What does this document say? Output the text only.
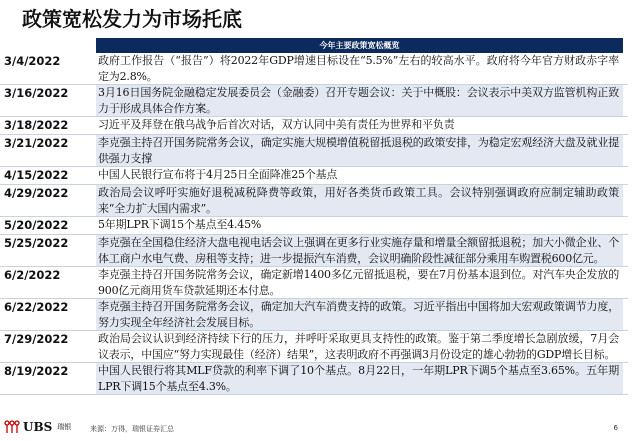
政策宽松发力为市场托底
今年主要政策宽松概览
3/4/2022	政府工作报告（“报告”）将2022年GDP增速目标设在“5.5%”左右的较高水平。政府将今年官方财政赤字率定为2.8%。
3/16/2022	3月16日国务院金融稳定发展委员会（金融委）召开专题会议：关于中概股：会议表示中美双方监管机构正致力于形成具体合作方案。
3/18/2022	习近平及拜登在俄乌战争后首次对话，双方认同中美有责任为世界和平负责
3/21/2022	李克强主持召开国务院常务会议，确定实施大规模增值税留抵退税的政策安排，为稳定宏观经济大盘及就业提供强力支撑
4/15/2022	中国人民银行宣布将于4月25日全面降准25个基点
4/29/2022	政治局会议呼吁实施好退税减税降费等政策，用好各类货币政策工具。会议特别强调政府应制定辅助政策来“全力扩大国内需求”。
5/20/2022	5年期LPR下调15个基点至4.45%
5/25/2022	李克强在全国稳住经济大盘电视电话会议上强调在更多行业实施存量和增量全额留抵退税；加大小微企业、个体工商户水电气费、房租等支持；进一步提振汽车消费，会议明确阶段性减征部分乘用车购置税600亿元。
6/2/2022	李克强主持召开国务院常务会议，确定新增1400多亿元留抵退税，要在7月份基本退到位。对汽车央企发放的900亿元商用货车贷款延期还本付息。
6/22/2022	李克强主持召开国务院常务会议，确定加大汽车消费支持的政策。习近平指出中国将加大宏观政策调节力度，努力实现全年经济社会发展目标。
7/29/2022	政治局会议认识到经济持续下行的压力，并呼吁采取更具支持性的政策。鉴于第二季度增长急剧放缓，7月会议表示，中国应“努力实现最佳（经济）结果”，这表明政府不再强调3月份设定的雄心勃勃的GDP增长目标。
8/19/2022	中国人民银行将其MLF贷款的利率下调了10个基点。8月22日，一年期LPR下调5个基点至3.65%。五年期LPR下调15个基点至4.3%。
UBS 瑞银	来源：万得，瑞银证券汇总	6
